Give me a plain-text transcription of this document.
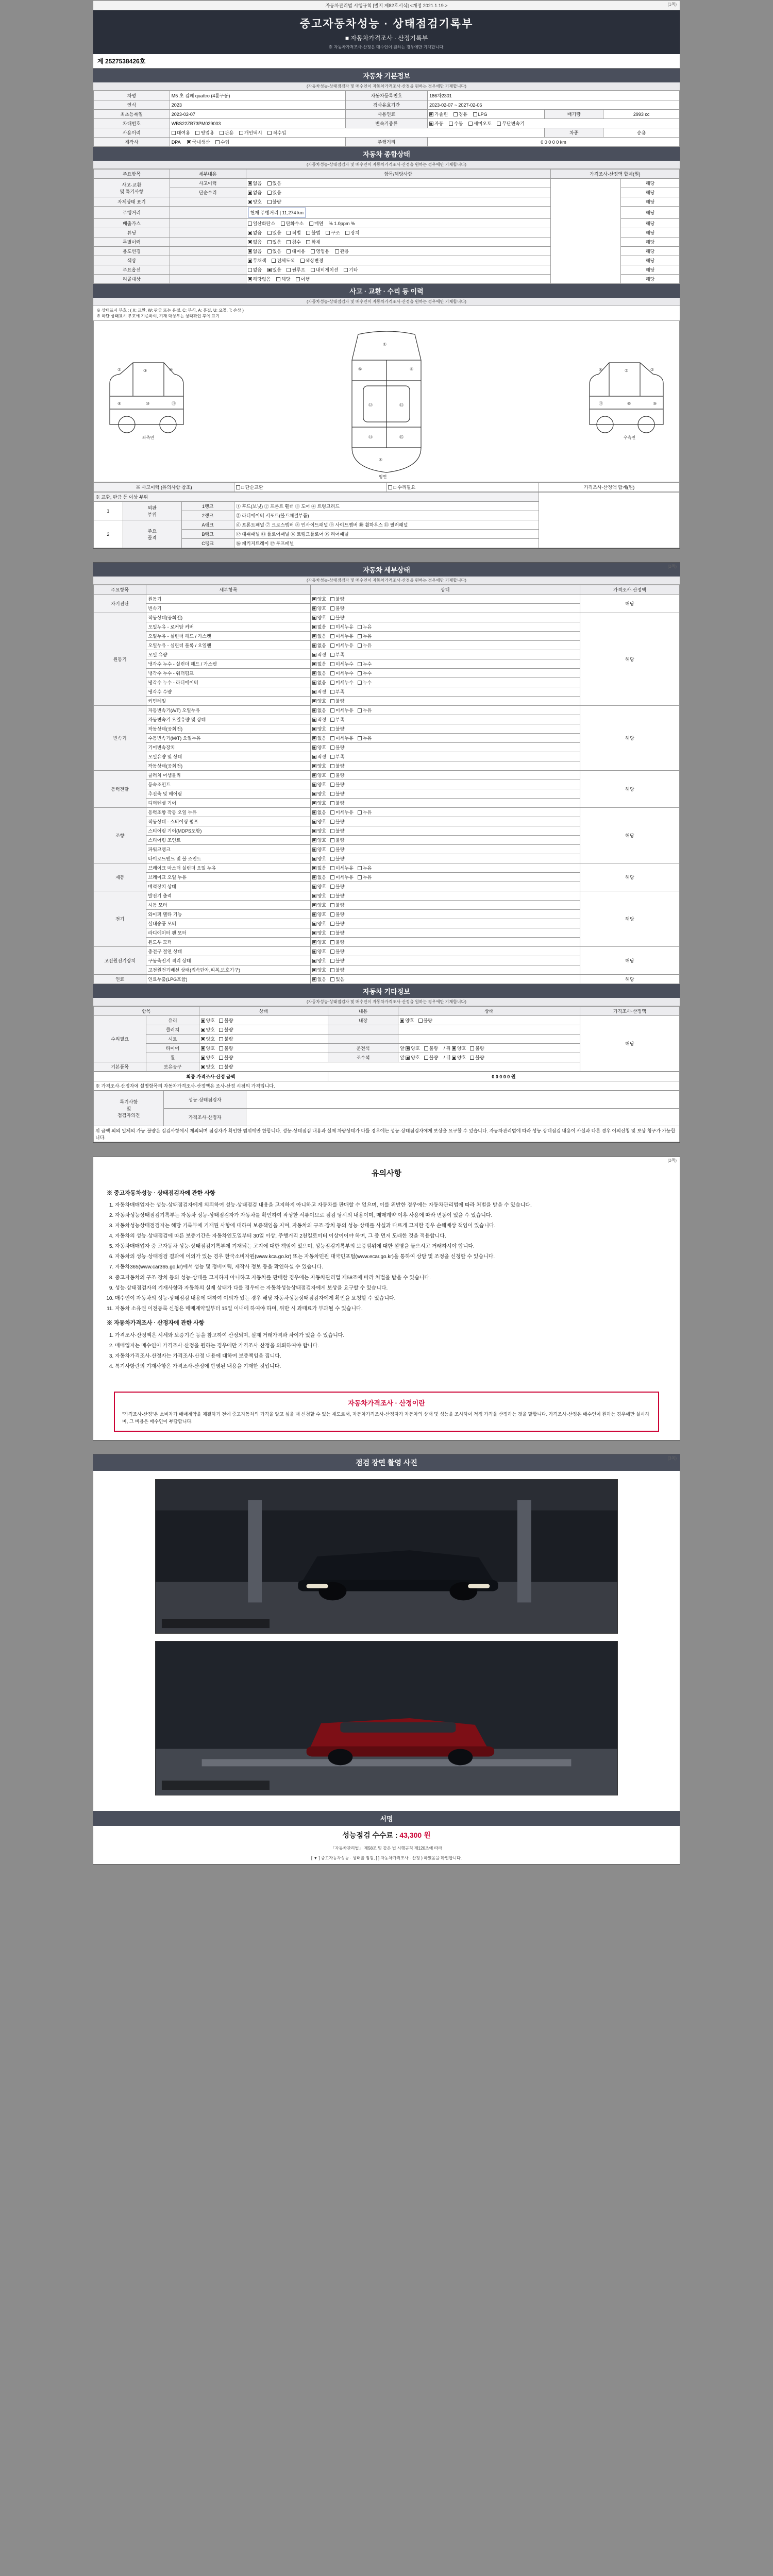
자동차관리법 시행규칙 [별지 제82호서식] <개정 2021.1.19.>	(1쪽)
중고자동차성능 · 상태점검기록부
■ 자동차가격조사 · 산정기록부
※ 자동차가격조사·산정은 매수인이 원하는 경우에만 기재합니다.
제 2527538426호
자동차 기본정보
(자동차성능·상태점검자 및 매수인이 자동차가격조사·산정을 원하는 경우에만 기재합니다)
차명	M5 초 컴페 quattro (4륜구동)	자동차등록번호	186차2301		
연식	2023	검사유효기간	2023-02-07 ~ 2027-02-06		
최초등록일	2023-02-07	사용연료	가솔린 경유 LPG	배기량	2993 cc
차대번호	WBS22ZB73PM029003	변속기종류	자동 수동 세미오토 무단변속기		
사용이력	대여용 영업용 관용 개인택시 직수입			차종	승용
제작사	DPA 국내생산 수입	주행거리	0 0 0 0 0 km		
자동차 종합상태
(자동차성능·상태점검자 및 매수인이 자동차가격조사·산정을 원하는 경우에만 기재합니다)
주요항목	세부내용	항목/해당사항	가격조사·산정액 합계(원)	
사고·교환
및 특기사항	사고이력	없음 있음		해당
	단순수리	없음 있음		해당
자체상태 표기		양호 불량		해당
주행거리		현재 주행거리 | 11,274 km		해당
배출가스		일산화탄소 탄화수소 매연 % 1.0ppm %		해당
튜닝		없음 있음 적법 불법 구조 장치		해당
특별이력		없음 있음 침수 화재		해당
용도변경		없음 있음 대여용 영업용 관용		해당
색상		무채색 전체도색 색상변경		해당
주요옵션		없음 있음 썬루프 내비게이션 기타		해당
리콜대상		해당없음 해당 이행		해당
사고 · 교환 · 수리 등 이력
(자동차성능·상태점검자 및 매수인이 자동차가격조사·산정을 원하는 경우에만 기재합니다)
※ 상태표시 부호 : ( X: 교환, W: 판금 또는 용접, C: 부식, A: 흠집, U: 요철, T: 손상 )
※ 하단 상태표시 부호에 기준하여, 기재 대상부는 상태확인 후에 표기
②	③	④
⑨	⑩	⑪
좌측면
①
⑤	⑥
⑫	⑬
⑭	⑮
④
평면
④	③	②
⑪	⑩	⑨
우측면
※ 사고이력 (유의사항 참조)	□ 단순교환	□ 수리필요	가격조사·산정액 합계(원)
※ 교환, 판금 등 이상 부위				
1	외판
부위	1랭크	① 후드(보닛) ② 프론트 휀더 ③ 도어 ④ 트렁크리드	
		2랭크	⑤ 라디에이터 서포트(볼트체결부품)	
2	주요
골격	A랭크	⑥ 프론트패널 ⑦ 크로스멤버 ⑧ 인사이드패널 ⑨ 사이드멤버 ⑩ 휠하우스 ⑪ 필러패널	
		B랭크	⑫ 대쉬패널 ⑬ 플로어패널 ⑭ 트렁크플로어 ⑮ 리어패널	
		C랭크	⑯ 패키지트레이 ⑰ 루프패널	
(2쪽)
자동차 세부상태
(자동차성능·상태점검자 및 매수인이 자동차가격조사·산정을 원하는 경우에만 기재합니다)
주요항목	세부항목	상태	가격조사·산정액
자기진단	원동기	양호 불량	해당
	변속기	양호 불량	
원동기	작동상태(공회전)	양호 불량	해당
	오일누유 - 로커암 커버	없음 미세누유 누유	
	오일누유 - 실린더 헤드 / 가스켓	없음 미세누유 누유	
	오일누유 - 실린더 블록 / 오일팬	없음 미세누유 누유	
	오일 유량	적정 부족	
	냉각수 누수 - 실린더 헤드 / 가스켓	없음 미세누수 누수	
	냉각수 누수 - 워터펌프	없음 미세누수 누수	
	냉각수 누수 - 라디에이터	없음 미세누수 누수	
	냉각수 수량	적정 부족	
	커먼레일	양호 불량	
변속기	자동변속기(A/T) 오일누유	없음 미세누유 누유	해당
	자동변속기 오일유량 및 상태	적정 부족	
	작동상태(공회전)	양호 불량	
	수동변속기(M/T) 오일누유	없음 미세누유 누유	
	기어변속장치	양호 불량	
	오일유량 및 상태	적정 부족	
	작동상태(공회전)	양호 불량	
동력전달	클러치 어셈블리	양호 불량	해당
	등속조인트	양호 불량	
	추진축 및 베어링	양호 불량	
	디퍼렌셜 기어	양호 불량	
조향	동력조향 작동 오일 누유	없음 미세누유 누유	해당
	작동상태 - 스티어링 펌프	양호 불량	
	스티어링 기어(MDPS포함)	양호 불량	
	스티어링 조인트	양호 불량	
	파워크랭크	양호 불량	
	타이로드엔드 및 볼 조인트	양호 불량	
제동	브레이크 마스터 실린더 오일 누유	없음 미세누유 누유	해당
	브레이크 오일 누유	없음 미세누유 누유	
	배력장치 상태	양호 불량	
전기	발전기 출력	양호 불량	해당
	시동 모터	양호 불량	
	와이퍼 델타 기능	양호 불량	
	실내송풍 모터	양호 불량	
	라디에이터 팬 모터	양호 불량	
	윈도우 모터	양호 불량	
고전원전기장치	충전구 절연 상태	양호 불량	해당
	구동축전지 격리 상태	양호 불량	
	고전원전기배선 상태(접속단자,피복,보호기구)	양호 불량	
연료	연료누출(LPG포함)	없음 있음	해당
자동차 기타정보
(자동차성능·상태점검자 및 매수인이 자동차가격조사·산정을 원하는 경우에만 기재합니다)
항목		상태	내용	상태	가격조사·산정액
수리필요	유리	양호 불량	내장	양호 불량	해당
	클러치	양호 불량			
	시트	양호 불량			
	타이어	양호 불량	운전석	앞 양호 불량 / 뒤 양호 불량	
	휠	양호 불량	조수석	앞 양호 불량 / 뒤 양호 불량	
기본품목	보유공구	양호 불량			
최종 가격조사·산정 금액	0 0 0 0 0 원
※ 가격조사·산정자에 설명항목의 자동차가격조사·산정액은 조사·산정 시점의 가격입니다.
특기사항
및
점검자의견	성능·상태점검자	
	가격조사·산정자	
위 금액 외의 일체의 가능·불량은 검검사항에서 제외되며 점검자가 확인한 범위에만 한합니다. 성능·상태점검 내용과 실제 차량상태가 다를 경우에는 성능·상태점검자에게 보상을 요구할 수 있습니다. 자동차관리법에 따라 성능·상태점검 내용이 사실과 다른 경우 이의신청 및 보상 청구가 가능합니다.		
(2쪽)
유의사항
※ 중고자동차성능 · 상태점검자에 관한 사항
1. 자동차매매업자는 성능·상태점검자에게 의뢰하여 성능·상태점검 내용을 고지하지 아니하고 자동차를 판매할 수 없으며, 이를 위반한 경우에는 자동차관리법에 따라 처벌을 받을 수 있습니다.
2. 자동차성능상태점검기록부는 자동차 성능·상태점검자가 자동차를 확인하여 작성한 서류이므로 점검 당시의 내용이며, 매매계약 이후 사용에 따라 변동이 있을 수 있습니다.
3. 자동차성능상태점검자는 해당 기록부에 기재된 사항에 대하여 보증책임을 지며, 자동차의 구조·장치 등의 성능·상태를 사실과 다르게 고지한 경우 손해배상 책임이 있습니다.
4. 자동차의 성능·상태점검에 따른 보증기간은 자동차인도일부터 30일 이상, 주행거리 2천킬로미터 이상이어야 하며, 그 중 먼저 도래한 것을 적용합니다.
5. 자동차매매업자 중 고자동차 성능·상태점검기록부에 기재되는 고지에 대한 책임이 있으며, 성능점검기록부의 보증범위에 대한 설명을 들으시고 거래하셔야 합니다.
6. 자동차의 성능·상태점검 결과에 이의가 있는 경우 한국소비자원(www.kca.go.kr) 또는 자동차민원 대국민포털(www.ecar.go.kr)을 통하여 상담 및 조정을 신청할 수 있습니다.
7. 자동차365(www.car365.go.kr)에서 성능 및 정비이력, 제작사 정보 등을 확인하실 수 있습니다.
8. 중고자동차의 구조·장치 등의 성능·상태를 고지하지 아니하고 자동차를 판매한 경우에는 자동차관리법 제58조에 따라 처벌을 받을 수 있습니다.
9. 성능·상태점검자의 기재사항과 자동차의 실제 상태가 다를 경우에는 자동차성능상태점검자에게 보상을 요구할 수 있습니다.
10. 매수인이 자동차의 성능·상태점검 내용에 대하여 이의가 있는 경우 해당 자동차성능상태점검자에게 확인을 요청할 수 있습니다.
11. 자동차 소유권 이전등록 신청은 매매계약일부터 15일 이내에 하여야 하며, 위반 시 과태료가 부과될 수 있습니다.
※ 자동차가격조사 · 산정자에 관한 사항
1. 가격조사·산정액은 시세와 보증기간 등을 참고하여 산정되며, 실제 거래가격과 차이가 있을 수 있습니다.
2. 매매업자는 매수인이 가격조사·산정을 원하는 경우에만 가격조사·산정을 의뢰하여야 합니다.
3. 자동차가격조사·산정자는 가격조사·산정 내용에 대하여 보증책임을 집니다.
4. 특기사항란의 기재사항은 가격조사·산정에 반영된 내용을 기재한 것입니다.
자동차가격조사 · 산정이란
"가격조사·산정"은 소비자가 매매계약을 체결하기 전에 중고자동차의 가격을 알고 싶을 때 신청할 수 있는 제도로서, 자동차가격조사·산정자가 자동차의 상태 및 성능을 조사하여 적정 가격을 산정하는 것을 말합니다. 가격조사·산정은 매수인이 원하는 경우에만 실시하며, 그 비용은 매수인이 부담합니다.
(3쪽)
점검 장면 촬영 사진
서명
성능점검 수수료 : 43,300 원
「자동차관리법」 제58조 및 같은 법 시행규칙 제120조에 따라
[ ▼ ] 중고자동차성능 · 상태를 점검, [ ] 자동차가격조사 · 산정 ) 하였음을 확인합니다.
